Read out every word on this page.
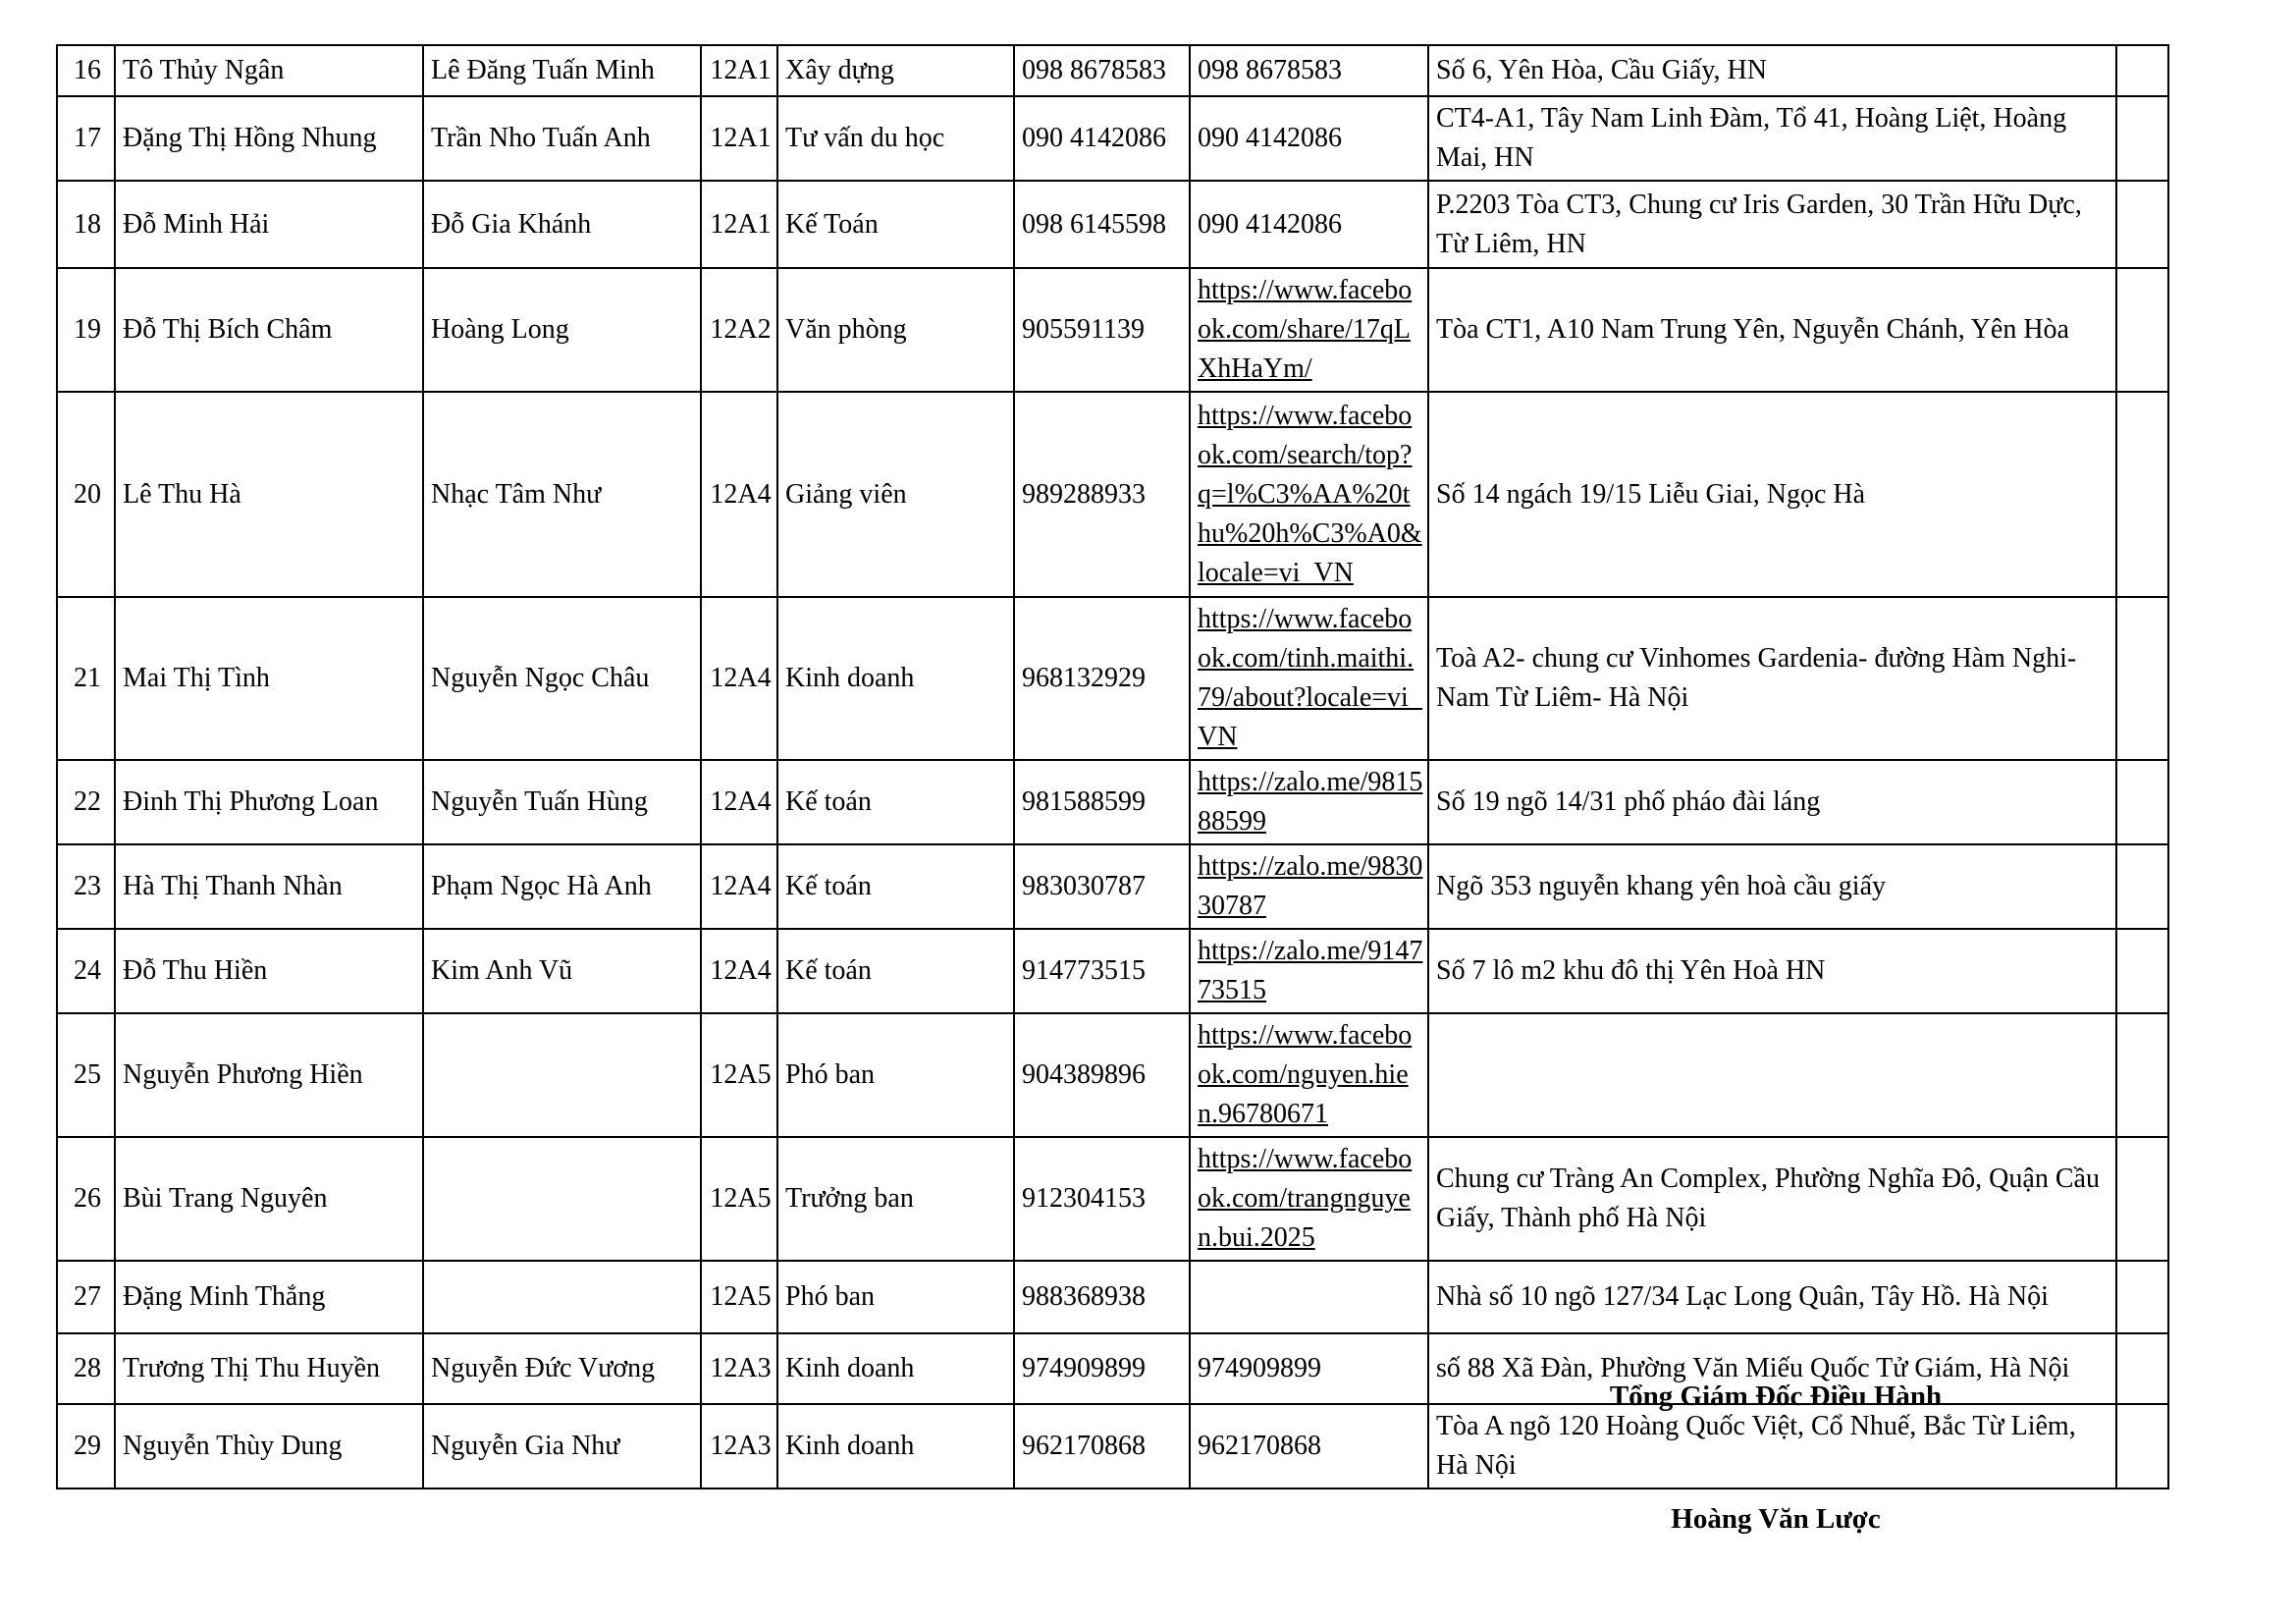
16	Tô Thủy Ngân	Lê Đăng Tuấn Minh	12A1	Xây dựng	098 8678583	098 8678583	Số 6, Yên Hòa, Cầu Giấy, HN	
17	Đặng Thị Hồng Nhung	Trần Nho Tuấn Anh	12A1	Tư vấn du học	090 4142086	090 4142086	CT4-A1, Tây Nam Linh Đàm, Tổ 41, Hoàng Liệt, Hoàng Mai, HN	
18	Đỗ Minh Hải	Đỗ Gia Khánh	12A1	Kế Toán	098 6145598	090 4142086	P.2203 Tòa CT3, Chung cư Iris Garden, 30 Trần Hữu Dực, Từ Liêm, HN	
19	Đỗ Thị Bích Châm	Hoàng Long	12A2	Văn phòng	905591139	https://www.facebook.com/share/17qLXhHaYm/	Tòa CT1, A10 Nam Trung Yên, Nguyễn Chánh, Yên Hòa	
20	Lê Thu Hà	Nhạc Tâm Như	12A4	Giảng viên	989288933	https://www.facebook.com/search/top?q=l%C3%AA%20thu%20h%C3%A0&locale=vi_VN	Số 14 ngách 19/15 Liễu Giai, Ngọc Hà	
21	Mai Thị Tình	Nguyễn Ngọc Châu	12A4	Kinh doanh	968132929	https://www.facebook.com/tinh.maithi.79/about?locale=vi_VN	Toà A2- chung cư Vinhomes Gardenia- đường Hàm Nghi- Nam Từ Liêm- Hà Nội	
22	Đinh Thị Phương Loan	Nguyễn Tuấn Hùng	12A4	Kế toán	981588599	https://zalo.me/981588599	Số 19 ngõ 14/31 phố pháo đài láng	
23	Hà Thị Thanh Nhàn	Phạm Ngọc Hà Anh	12A4	Kế toán	983030787	https://zalo.me/983030787	Ngõ 353 nguyễn khang yên hoà cầu giấy	
24	Đỗ Thu Hiền	Kim Anh Vũ	12A4	Kế toán	914773515	https://zalo.me/914773515	Số 7 lô m2 khu đô thị Yên Hoà HN	
25	Nguyễn Phương Hiền		12A5	Phó ban	904389896	https://www.facebook.com/nguyen.hien.96780671		
26	Bùi Trang Nguyên		12A5	Trưởng ban	912304153	https://www.facebook.com/trangnguyen.bui.2025	Chung cư Tràng An Complex, Phường Nghĩa Đô, Quận Cầu Giấy, Thành phố Hà Nội	
27	Đặng Minh Thắng		12A5	Phó ban	988368938		Nhà số 10 ngõ 127/34 Lạc Long Quân, Tây Hồ. Hà Nội	
28	Trương Thị Thu Huyền	Nguyễn Đức Vương	12A3	Kinh doanh	974909899	974909899	số 88 Xã Đàn, Phường Văn Miếu Quốc Tử Giám, Hà Nội	
29	Nguyễn Thùy Dung	Nguyễn Gia Như	12A3	Kinh doanh	962170868	962170868	Tòa A ngõ 120 Hoàng Quốc Việt, Cổ Nhuế, Bắc Từ Liêm, Hà Nội	
Tổng Giám Đốc Điều Hành
Hoàng Văn Lược
